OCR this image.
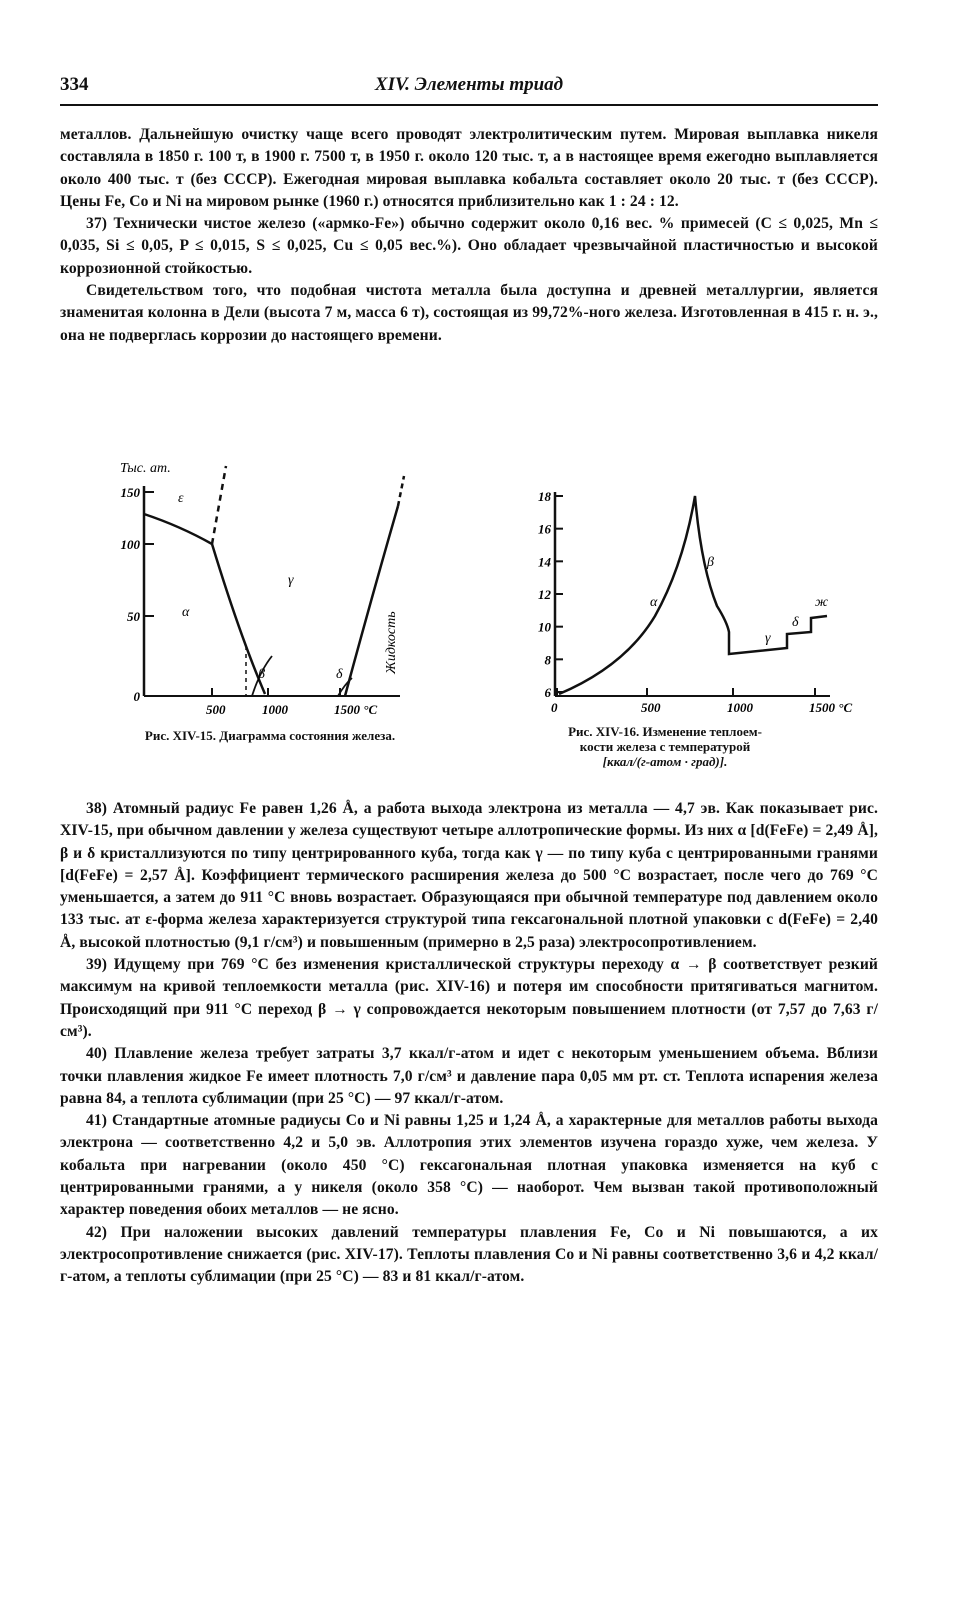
334	XIV. Элементы триад

металлов. Дальнейшую очистку чаще всего проводят электролитическим путем. Мировая выплавка никеля составляла в 1850 г. 100 т, в 1900 г. 7500 т, в 1950 г. около 120 тыс. т, а в настоящее время ежегодно выплавляется около 400 тыс. т (без СССР). Ежегодная мировая выплавка кобальта составляет около 20 тыс. т (без СССР). Цены Fe, Co и Ni на мировом рынке (1960 г.) относятся приблизительно как 1 : 24 : 12.

37) Технически чистое железо («армко-Fe») обычно содержит около 0,16 вес. % примесей (C ≤ 0,025, Mn ≤ 0,035, Si ≤ 0,05, P ≤ 0,015, S ≤ 0,025, Cu ≤ 0,05 вес.%). Оно обладает чрезвычайной пластичностью и высокой коррозионной стойкостью.

Свидетельством того, что подобная чистота металла была доступна и древней металлургии, является знаменитая колонна в Дели (высота 7 м, масса 6 т), состоящая из 99,72%-ного железа. Изготовленная в 415 г. н. э., она не подверглась коррозии до настоящего времени.

Тыс. ат.
150
100
50
0
500	1000	1500 °C
ε
α
γ
β	δ
Жидкость
Рис. XIV-15. Диаграмма состояния железа.
18
16
14
12
10
8
6
0	500	1000	1500 °C
α
β
γ
δ
ж
Рис. XIV-16. Изменение теплоем-
кости железа с температурой
[ккал/(г-атом · град)].

38) Атомный радиус Fe равен 1,26 Å, а работа выхода электрона из металла — 4,7 эв. Как показывает рис. XIV-15, при обычном давлении у железа существуют четыре аллотропические формы. Из них α [d(FeFe) = 2,49 Å], β и δ кристаллизуются по типу центрированного куба, тогда как γ — по типу куба с центрированными гранями [d(FeFe) = 2,57 Å]. Коэффициент термического расширения железа до 500 °C возрастает, после чего до 769 °C уменьшается, а затем до 911 °C вновь возрастает. Образующаяся при обычной температуре под давлением около 133 тыс. ат ε-форма железа характеризуется структурой типа гексагональной плотной упаковки с d(FeFe) = 2,40 Å, высокой плотностью (9,1 г/см³) и повышенным (примерно в 2,5 раза) электросопротивлением.

39) Идущему при 769 °C без изменения кристаллической структуры переходу α → β соответствует резкий максимум на кривой теплоемкости металла (рис. XIV-16) и потеря им способности притягиваться магнитом. Происходящий при 911 °C переход β → γ сопровождается некоторым повышением плотности (от 7,57 до 7,63 г/см³).

40) Плавление железа требует затраты 3,7 ккал/г-атом и идет с некоторым уменьшением объема. Вблизи точки плавления жидкое Fe имеет плотность 7,0 г/см³ и давление пара 0,05 мм рт. ст. Теплота испарения железа равна 84, а теплота сублимации (при 25 °C) — 97 ккал/г-атом.

41) Стандартные атомные радиусы Co и Ni равны 1,25 и 1,24 Å, а характерные для металлов работы выхода электрона — соответственно 4,2 и 5,0 эв. Аллотропия этих элементов изучена гораздо хуже, чем железа. У кобальта при нагревании (около 450 °C) гексагональная плотная упаковка изменяется на куб с центрированными гранями, а у никеля (около 358 °C) — наоборот. Чем вызван такой противоположный характер поведения обоих металлов — не ясно.

42) При наложении высоких давлений температуры плавления Fe, Co и Ni повышаются, а их электросопротивление снижается (рис. XIV-17). Теплоты плавления Co и Ni равны соответственно 3,6 и 4,2 ккал/г-атом, а теплоты сублимации (при 25 °C) — 83 и 81 ккал/г-атом.
